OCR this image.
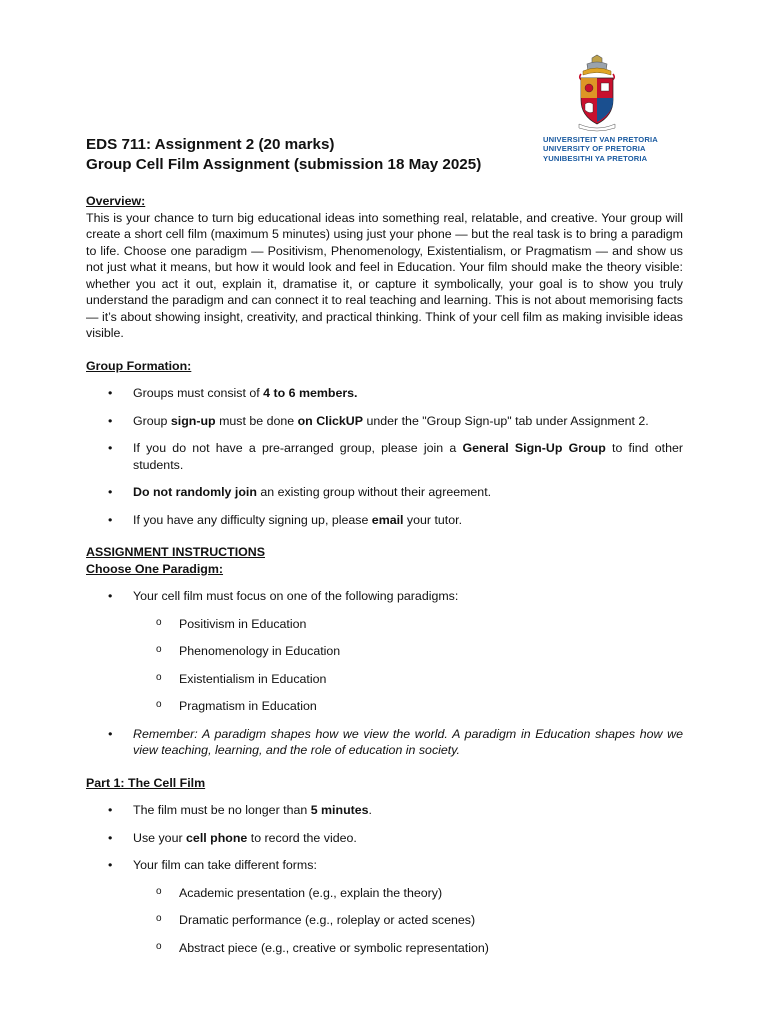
UNIVERSITEIT VAN PRETORIA
UNIVERSITY OF PRETORIA
YUNIBESITHI YA PRETORIA
EDS 711: Assignment 2 (20 marks)
Group Cell Film Assignment (submission 18 May 2025)
Overview:
This is your chance to turn big educational ideas into something real, relatable, and creative. Your group will create a short cell film (maximum 5 minutes) using just your phone — but the real task is to bring a paradigm to life. Choose one paradigm — Positivism, Phenomenology, Existentialism, or Pragmatism — and show us not just what it means, but how it would look and feel in Education. Your film should make the theory visible: whether you act it out, explain it, dramatise it, or capture it symbolically, your goal is to show you truly understand the paradigm and can connect it to real teaching and learning. This is not about memorising facts — it’s about showing insight, creativity, and practical thinking. Think of your cell film as making invisible ideas visible.
Group Formation:
• Groups must consist of 4 to 6 members.
• Group sign-up must be done on ClickUP under the "Group Sign-up" tab under Assignment 2.
• If you do not have a pre-arranged group, please join a General Sign-Up Group to find other students.
• Do not randomly join an existing group without their agreement.
• If you have any difficulty signing up, please email your tutor.
ASSIGNMENT INSTRUCTIONS
Choose One Paradigm:
• Your cell film must focus on one of the following paradigms:
o Positivism in Education
o Phenomenology in Education
o Existentialism in Education
o Pragmatism in Education
• Remember: A paradigm shapes how we view the world. A paradigm in Education shapes how we view teaching, learning, and the role of education in society.
Part 1: The Cell Film
• The film must be no longer than 5 minutes.
• Use your cell phone to record the video.
• Your film can take different forms:
o Academic presentation (e.g., explain the theory)
o Dramatic performance (e.g., roleplay or acted scenes)
o Abstract piece (e.g., creative or symbolic representation)
